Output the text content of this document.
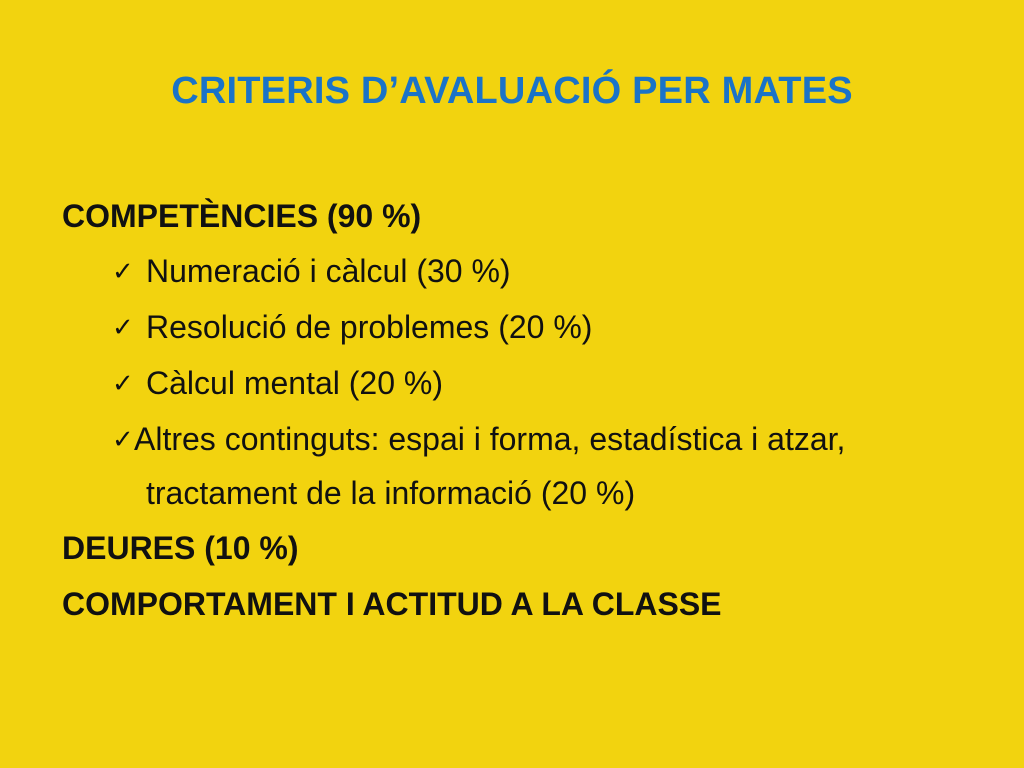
CRITERIS D’AVALUACIÓ PER MATES

COMPETÈNCIES (90 %)

✓ Numeració i càlcul (30 %)
✓ Resolució de problemes (20 %)
✓ Càlcul mental (20 %)
✓ Altres continguts: espai i forma, estadística i atzar, tractament de la informació (20 %)

DEURES (10 %)

COMPORTAMENT I ACTITUD A LA CLASSE
